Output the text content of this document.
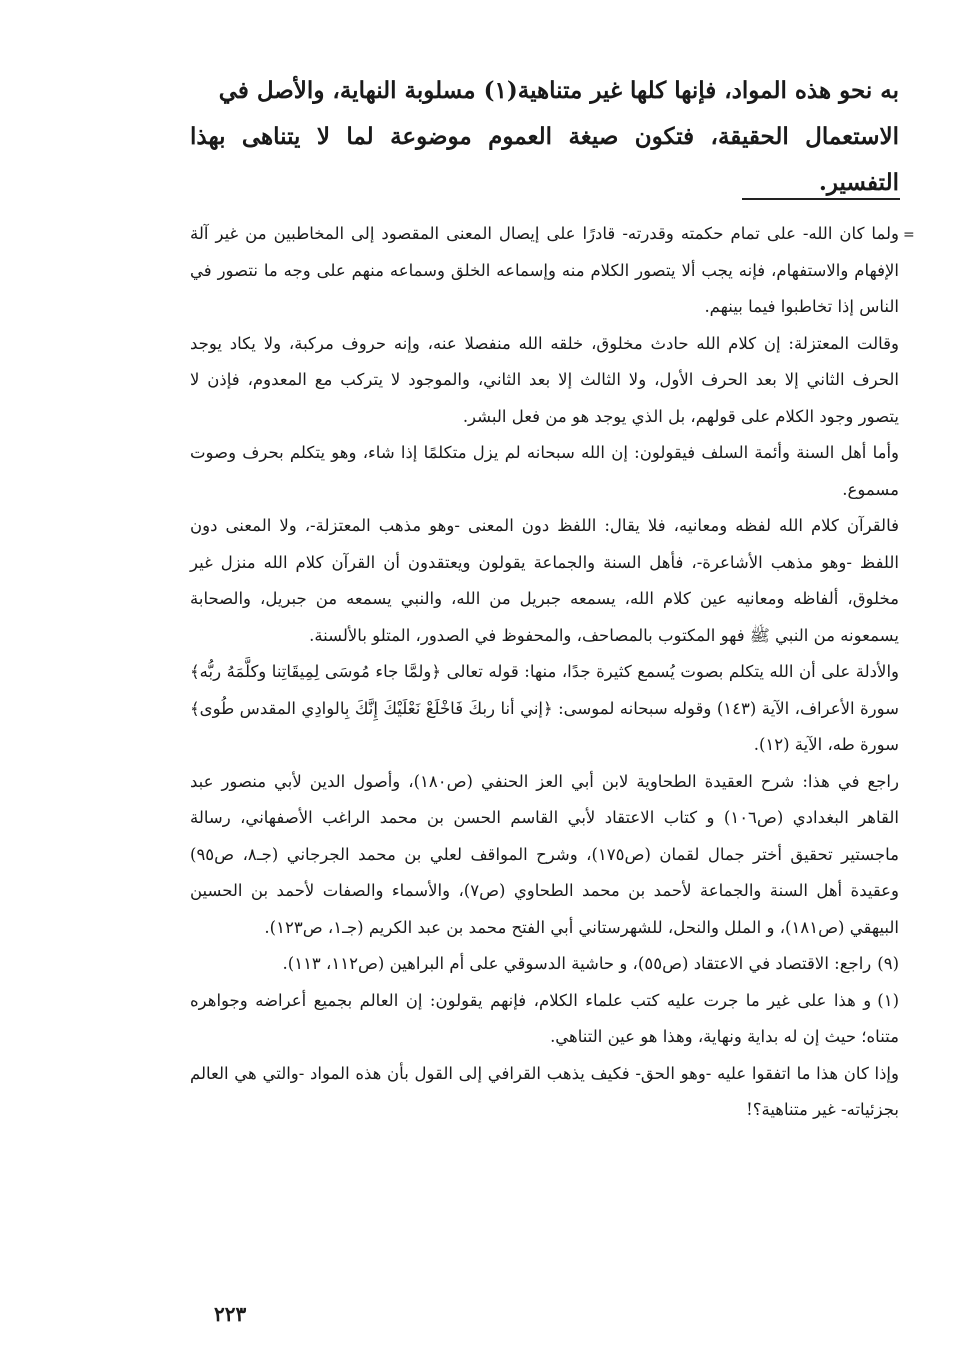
به نحو هذه المواد، فإنها كلها غير متناهية(١) مسلوبة النهاية، والأصل في

الاستعمال الحقيقة، فتكون صيغة العموم موضوعة لما لا يتناهى بهذا التفسير.

=

ولما كان الله- على تمام حكمته وقدرته- قادرًا على إيصال المعنى المقصود إلى المخاطبين من غير آلة الإفهام والاستفهام، فإنه يجب ألا يتصور الكلام منه وإسماعه الخلق وسماعه منهم على وجه ما نتصور في الناس إذا تخاطبوا فيما بينهم.

وقالت المعتزلة: إن كلام الله حادث مخلوق، خلقه الله منفصلا عنه، وإنه حروف مركبة، ولا يكاد يوجد الحرف الثاني إلا بعد الحرف الأول، ولا الثالث إلا بعد الثاني، والموجود لا يتركب مع المعدوم، فإذن لا يتصور وجود الكلام على قولهم، بل الذي يوجد هو من فعل البشر.

وأما أهل السنة وأئمة السلف فيقولون: إن الله سبحانه لم يزل متكلمًا إذا شاء، وهو يتكلم بحرف وصوت مسموع.

فالقرآن كلام الله لفظه ومعانيه، فلا يقال: اللفظ دون المعنى -وهو مذهب المعتزلة-، ولا المعنى دون اللفظ -وهو مذهب الأشاعرة-، فأهل السنة والجماعة يقولون ويعتقدون أن القرآن كلام الله منزل غير مخلوق، ألفاظه ومعانيه عين كلام الله، يسمعه جبريل من الله، والنبي يسمعه من جبريل، والصحابة يسمعونه من النبي ﷺ فهو المكتوب بالمصاحف، والمحفوظ في الصدور، المتلو بالألسنة.

والأدلة على أن الله يتكلم بصوت يُسمع كثيرة جدًا، منها: قوله تعالى ﴿ولمَّا جاء مُوسَى لِمِيقَاتِنا وكلَّمَهُ ربُّه﴾ سورة الأعراف، الآية (١٤٣) وقوله سبحانه لموسى: ﴿إني أنا ربكَ فَاخْلَعْ نَعْلَيْكَ إِنَّكَ بِالوادِي المقدس طُوى﴾ سورة طه، الآية (١٢).

راجع في هذا: شرح العقيدة الطحاوية لابن أبي العز الحنفي (ص١٨٠)، وأصول الدين لأبي منصور عبد القاهر البغدادي (ص١٠٦) و كتاب الاعتقاد لأبي القاسم الحسن بن محمد الراغب الأصفهاني، رسالة ماجستير تحقيق أختر جمال لقمان (ص١٧٥)، وشرح المواقف لعلي بن محمد الجرجاني (جـ٨، ص٩٥) وعقيدة أهل السنة والجماعة لأحمد بن محمد الطحاوي (ص٧)، والأسماء والصفات لأحمد بن الحسين البيهقي (ص١٨١)، و الملل والنحل، للشهرستاني أبي الفتح محمد بن عبد الكريم (جـ١، ص١٢٣).

(٩)راجع: الاقتصاد في الاعتقاد (ص٥٥)، و حاشية الدسوقي على أم البراهين (ص١١٢، ١١٣).

(١)و هذا على غير ما جرت عليه كتب علماء الكلام، فإنهم يقولون: إن العالم بجميع أعراضه وجواهره متناه؛ حيث إن له بداية ونهاية، وهذا هو عين التناهي.

وإذا كان هذا ما اتفقوا عليه -وهو الحق- فكيف يذهب القرافي إلى القول بأن هذه المواد -والتي هي العالم بجزئياته- غير متناهية؟!

٢٢٣
